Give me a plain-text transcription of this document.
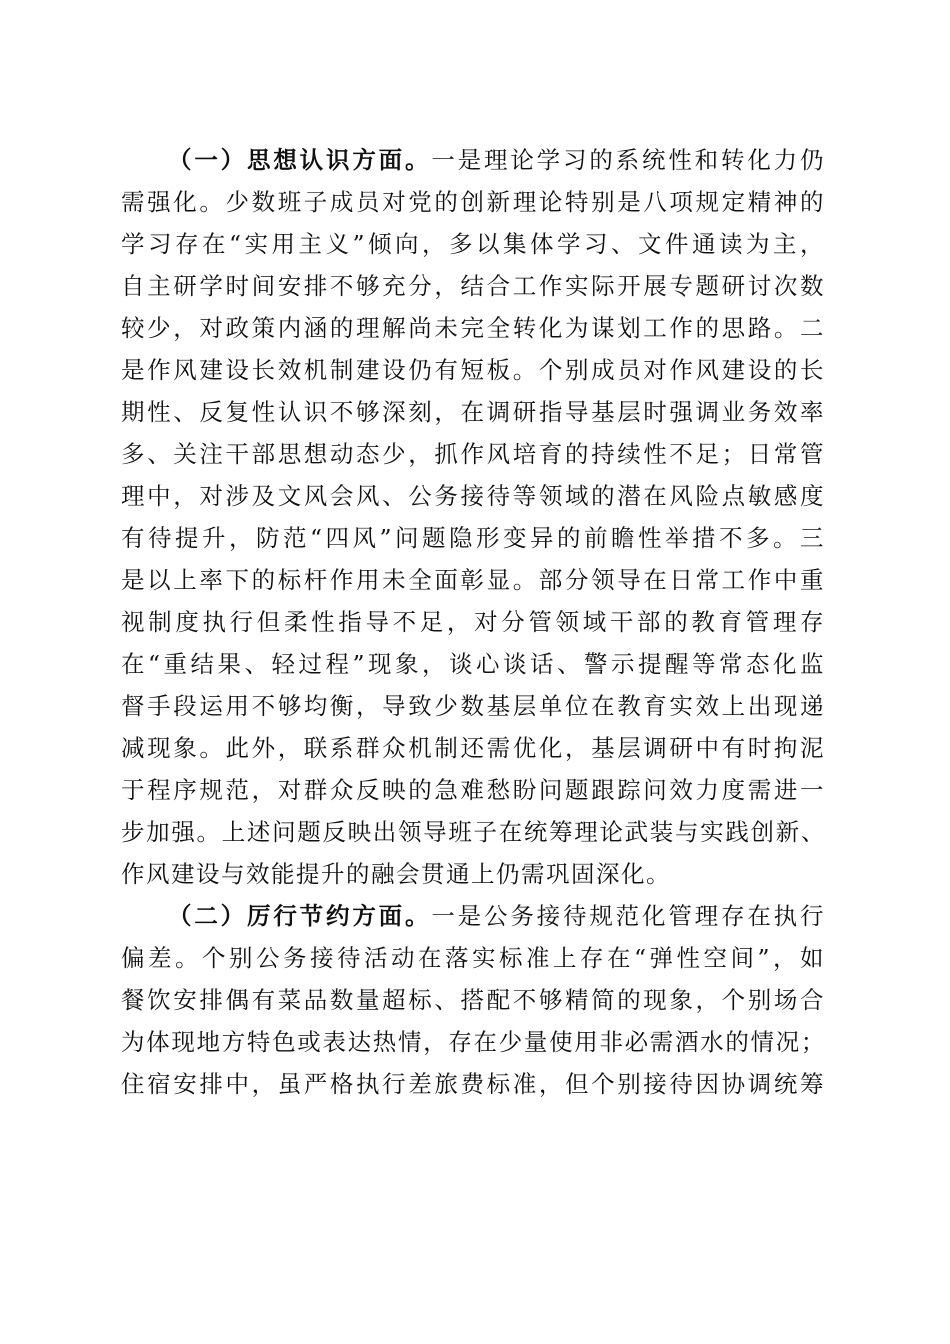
（一）思想认识方面。一是理论学习的系统性和转化力仍
需强化。少数班子成员对党的创新理论特别是八项规定精神的
学习存在“实用主义”倾向，多以集体学习、文件通读为主，
自主研学时间安排不够充分，结合工作实际开展专题研讨次数
较少，对政策内涵的理解尚未完全转化为谋划工作的思路。二
是作风建设长效机制建设仍有短板。个别成员对作风建设的长
期性、反复性认识不够深刻，在调研指导基层时强调业务效率
多、关注干部思想动态少，抓作风培育的持续性不足；日常管
理中，对涉及文风会风、公务接待等领域的潜在风险点敏感度
有待提升，防范“四风”问题隐形变异的前瞻性举措不多。三
是以上率下的标杆作用未全面彰显。部分领导在日常工作中重
视制度执行但柔性指导不足，对分管领域干部的教育管理存
在“重结果、轻过程”现象，谈心谈话、警示提醒等常态化监
督手段运用不够均衡，导致少数基层单位在教育实效上出现递
减现象。此外，联系群众机制还需优化，基层调研中有时拘泥
于程序规范，对群众反映的急难愁盼问题跟踪问效力度需进一
步加强。上述问题反映出领导班子在统筹理论武装与实践创新、
作风建设与效能提升的融会贯通上仍需巩固深化。
（二）厉行节约方面。一是公务接待规范化管理存在执行
偏差。个别公务接待活动在落实标准上存在“弹性空间”，如
餐饮安排偶有菜品数量超标、搭配不够精简的现象，个别场合
为体现地方特色或表达热情，存在少量使用非必需酒水的情况；
住宿安排中，虽严格执行差旅费标准，但个别接待因协调统筹
